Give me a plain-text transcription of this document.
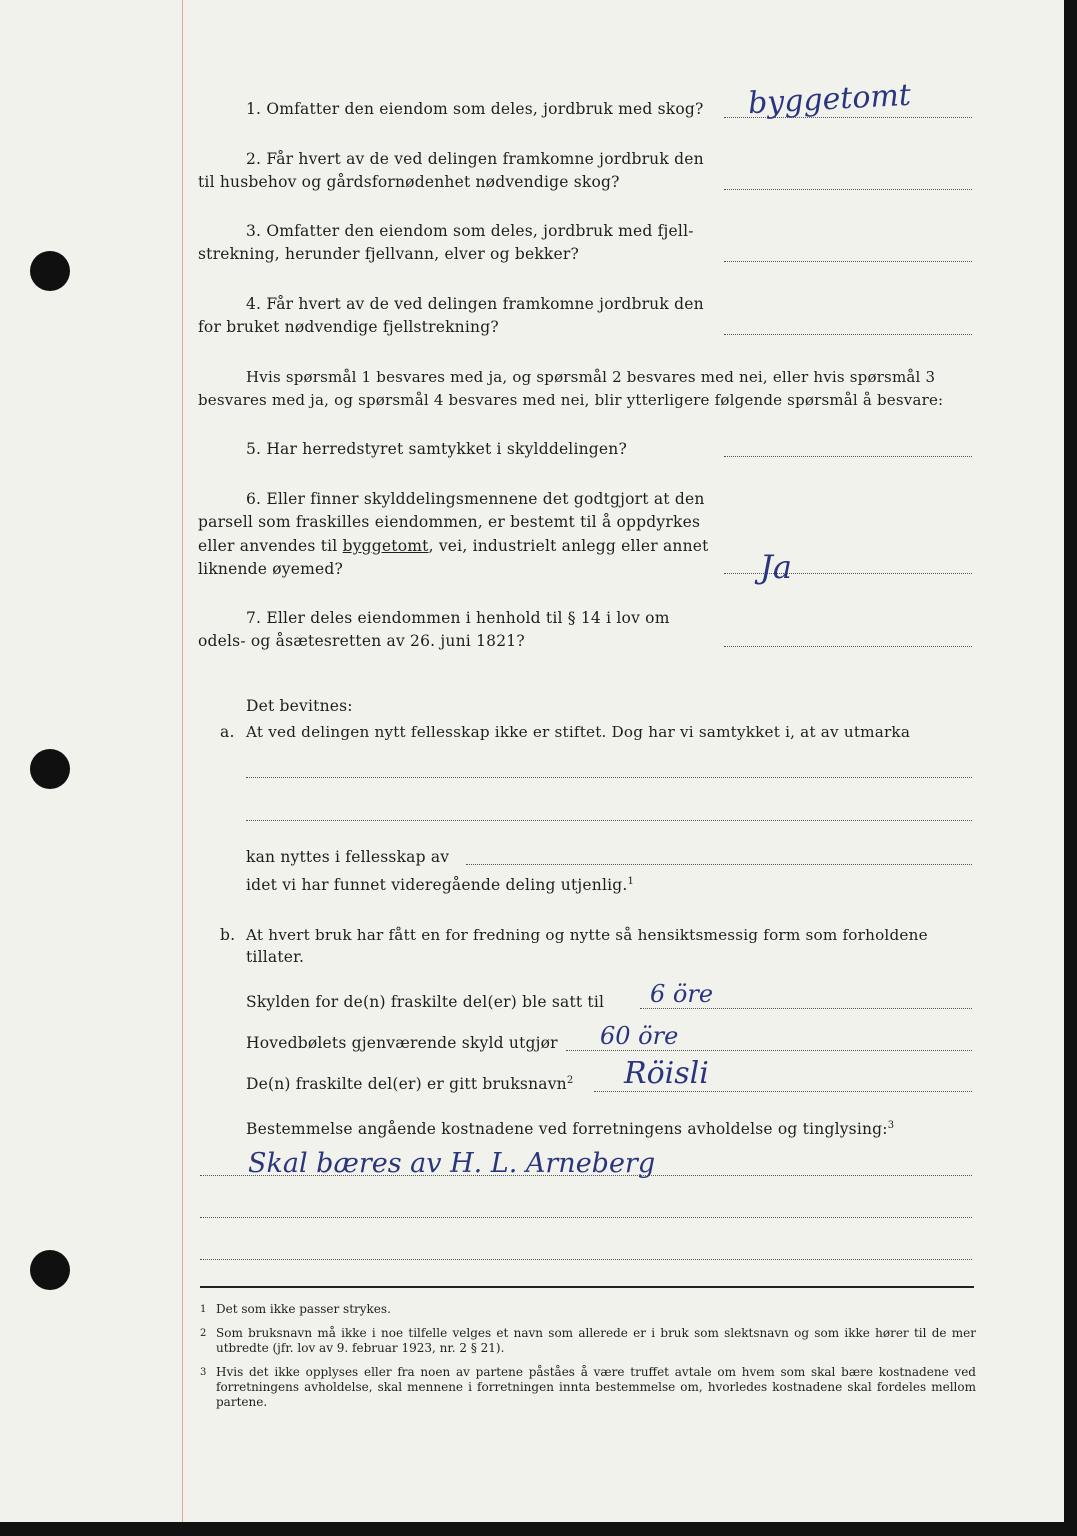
1. Omfatter den eiendom som deles, jordbruk med skog? byggetomt
2. Får hvert av de ved delingen framkomne jordbruk den
til husbehov og gårdsfornødenhet nødvendige skog?
3. Omfatter den eiendom som deles, jordbruk med fjell-
strekning, herunder fjellvann, elver og bekker?
4. Får hvert av de ved delingen framkomne jordbruk den
for bruket nødvendige fjellstrekning?
Hvis spørsmål 1 besvares med ja, og spørsmål 2 besvares med nei, eller hvis spørsmål 3
besvares med ja, og spørsmål 4 besvares med nei, blir ytterligere følgende spørsmål å besvare:
5. Har herredstyret samtykket i skylddelingen?
6. Eller finner skylddelingsmennene det godtgjort at den
parsell som fraskilles eiendommen, er bestemt til å oppdyrkes
eller anvendes til byggetomt, vei, industrielt anlegg eller annet
liknende øyemed?	Ja
7. Eller deles eiendommen i henhold til § 14 i lov om
odels- og åsætesretten av 26. juni 1821?
Det bevitnes:
a. At ved delingen nytt fellesskap ikke er stiftet. Dog har vi samtykket i, at av utmarka
kan nyttes i fellesskap av
idet vi har funnet videregående deling utjenlig.$^1$
b. At hvert bruk har fått en for fredning og nytte så hensiktsmessig form som forholdene
tillater.
Skylden for de(n) fraskilte del(er) ble satt til 6 öre
Hovedbølets gjenværende skyld utgjør 60 öre
De(n) fraskilte del(er) er gitt bruksnavn$^2$ Röisli
Bestemmelse angående kostnadene ved forretningens avholdelse og tinglysing:$^3$
Skal bæres av H. L. Arneberg
1 Det som ikke passer strykes.
2 Som bruksnavn må ikke i noe tilfelle velges et navn som allerede er i bruk som slektsnavn og som ikke hører til de mer utbredte (jfr. lov av 9. februar 1923, nr. 2 § 21).
3 Hvis det ikke opplyses eller fra noen av partene påståes å være truffet avtale om hvem som skal bære kostnadene ved forretningens avholdelse, skal mennene i forretningen innta bestemmelse om, hvorledes kostnadene skal fordeles mellom partene.
